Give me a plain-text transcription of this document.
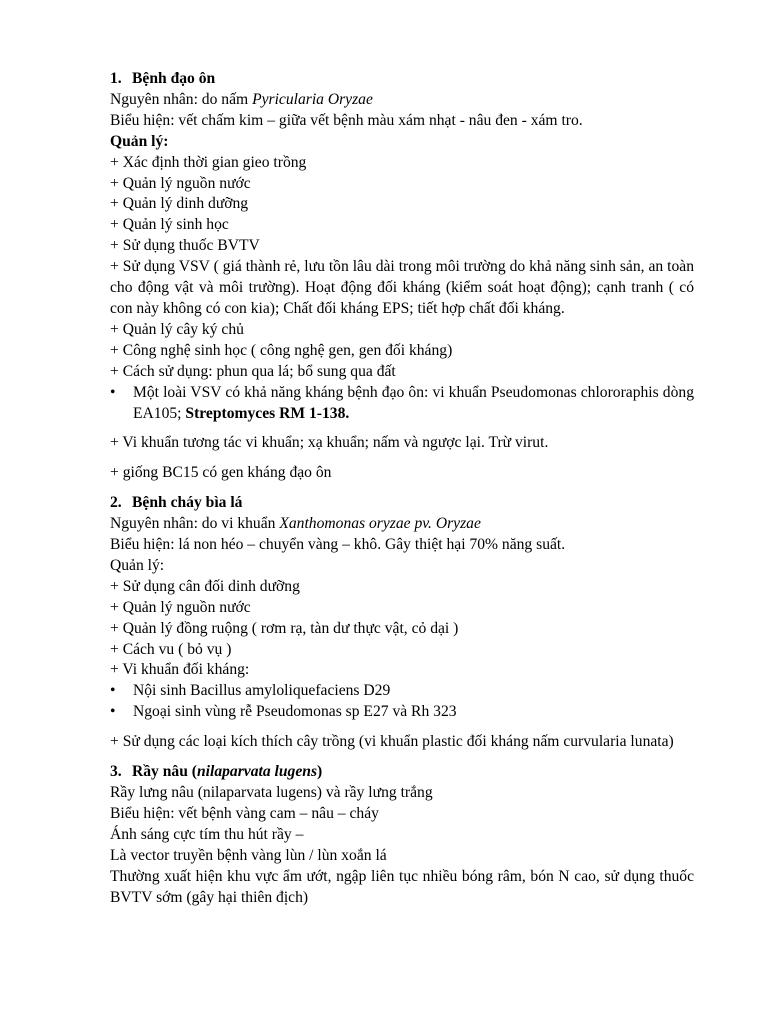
1. Bệnh đạo ôn

Nguyên nhân: do nấm Pyricularia Oryzae

Biểu hiện: vết chấm kim – giữa vết bệnh màu xám nhạt - nâu đen - xám tro.

Quản lý:

+ Xác định thời gian gieo trồng

+ Quản lý nguồn nước

+ Quản lý dinh dưỡng

+ Quản lý sinh học

+ Sử dụng thuốc BVTV

+ Sử dụng VSV ( giá thành rẻ, lưu tồn lâu dài trong môi trường do khả năng sinh sản, an toàn cho động vật và môi trường). Hoạt động đối kháng (kiểm soát hoạt động); cạnh tranh ( có con này không có con kia); Chất đối kháng EPS; tiết hợp chất đối kháng.

+ Quản lý cây ký chủ

+ Công nghệ sinh học ( công nghệ gen, gen đối kháng)

+ Cách sử dụng: phun qua lá; bổ sung qua đất

• Một loài VSV có khả năng kháng bệnh đạo ôn: vi khuẩn Pseudomonas chlororaphis dòng EA105; Streptomyces RM 1-138.

+ Vi khuẩn tương tác vi khuẩn; xạ khuẩn; nấm và ngược lại. Trừ virut.

+ giống BC15 có gen kháng đạo ôn

2. Bệnh cháy bìa lá

Nguyên nhân: do vi khuẩn Xanthomonas oryzae pv. Oryzae

Biểu hiện: lá non héo – chuyển vàng – khô. Gây thiệt hại 70% năng suất.

Quản lý:

+ Sử dụng cân đối dinh dưỡng

+ Quản lý nguồn nước

+ Quản lý đồng ruộng ( rơm rạ, tàn dư thực vật, cỏ dại )

+ Cách vu ( bỏ vụ )

+ Vi khuẩn đối kháng:

• Nội sinh Bacillus amyloliquefaciens D29

• Ngoại sinh vùng rễ Pseudomonas sp E27 và Rh 323

+ Sử dụng các loại kích thích cây trồng (vi khuẩn plastic đối kháng nấm curvularia lunata)

3. Rầy nâu (nilaparvata lugens)

Rầy lưng nâu (nilaparvata lugens) và rầy lưng trắng

Biểu hiện: vết bệnh vàng cam – nâu – cháy

Ánh sáng cực tím thu hút rầy –

Là vector truyền bệnh vàng lùn / lùn xoắn lá

Thường xuất hiện khu vực ẩm ướt, ngập liên tục nhiều bóng râm, bón N cao, sử dụng thuốc BVTV sớm (gây hại thiên địch)
